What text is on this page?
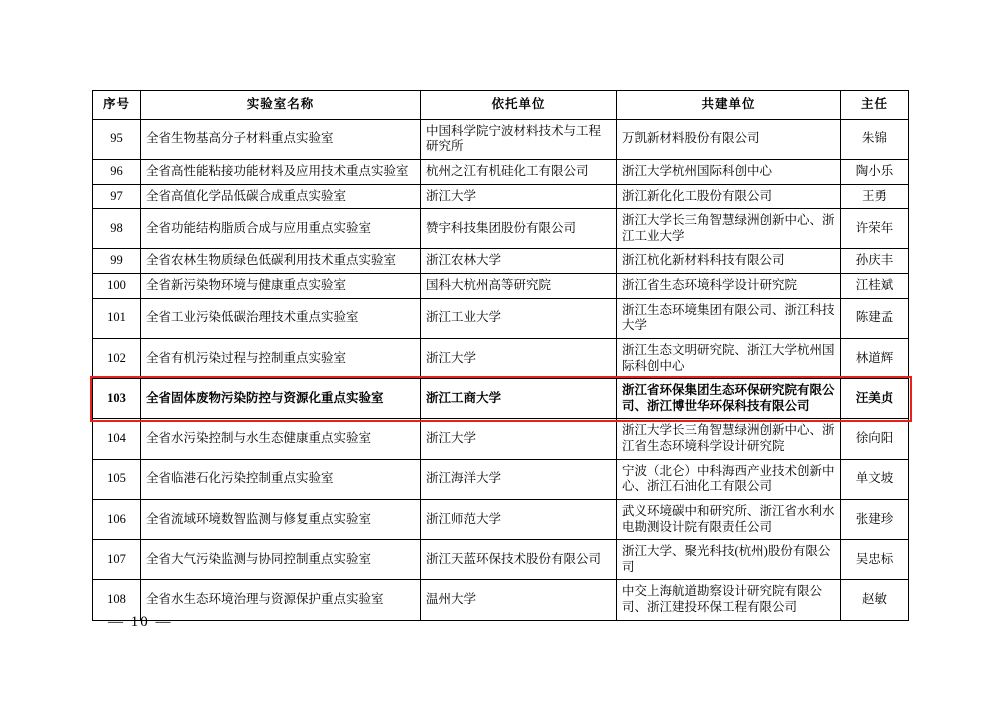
序号	实验室名称	依托单位	共建单位	主任
95	全省生物基高分子材料重点实验室	中国科学院宁波材料技术与工程研究所	万凯新材料股份有限公司	朱锦
96	全省高性能粘接功能材料及应用技术重点实验室	杭州之江有机硅化工有限公司	浙江大学杭州国际科创中心	陶小乐
97	全省高值化学品低碳合成重点实验室	浙江大学	浙江新化化工股份有限公司	王勇
98	全省功能结构脂质合成与应用重点实验室	赞宇科技集团股份有限公司	浙江大学长三角智慧绿洲创新中心、浙江工业大学	许荣年
99	全省农林生物质绿色低碳利用技术重点实验室	浙江农林大学	浙江杭化新材料科技有限公司	孙庆丰
100	全省新污染物环境与健康重点实验室	国科大杭州高等研究院	浙江省生态环境科学设计研究院	江桂斌
101	全省工业污染低碳治理技术重点实验室	浙江工业大学	浙江生态环境集团有限公司、浙江科技大学	陈建孟
102	全省有机污染过程与控制重点实验室	浙江大学	浙江生态文明研究院、浙江大学杭州国际科创中心	林道辉
103	全省固体废物污染防控与资源化重点实验室	浙江工商大学	浙江省环保集团生态环保研究院有限公司、浙江博世华环保科技有限公司	汪美贞
104	全省水污染控制与水生态健康重点实验室	浙江大学	浙江大学长三角智慧绿洲创新中心、浙江省生态环境科学设计研究院	徐向阳
105	全省临港石化污染控制重点实验室	浙江海洋大学	宁波（北仑）中科海西产业技术创新中心、浙江石油化工有限公司	单文坡
106	全省流域环境数智监测与修复重点实验室	浙江师范大学	武义环境碳中和研究所、浙江省水利水电勘测设计院有限责任公司	张建珍
107	全省大气污染监测与协同控制重点实验室	浙江天蓝环保技术股份有限公司	浙江大学、聚光科技(杭州)股份有限公司	吴忠标
108	全省水生态环境治理与资源保护重点实验室	温州大学	中交上海航道勘察设计研究院有限公司、浙江建投环保工程有限公司	赵敏
— 10 —
